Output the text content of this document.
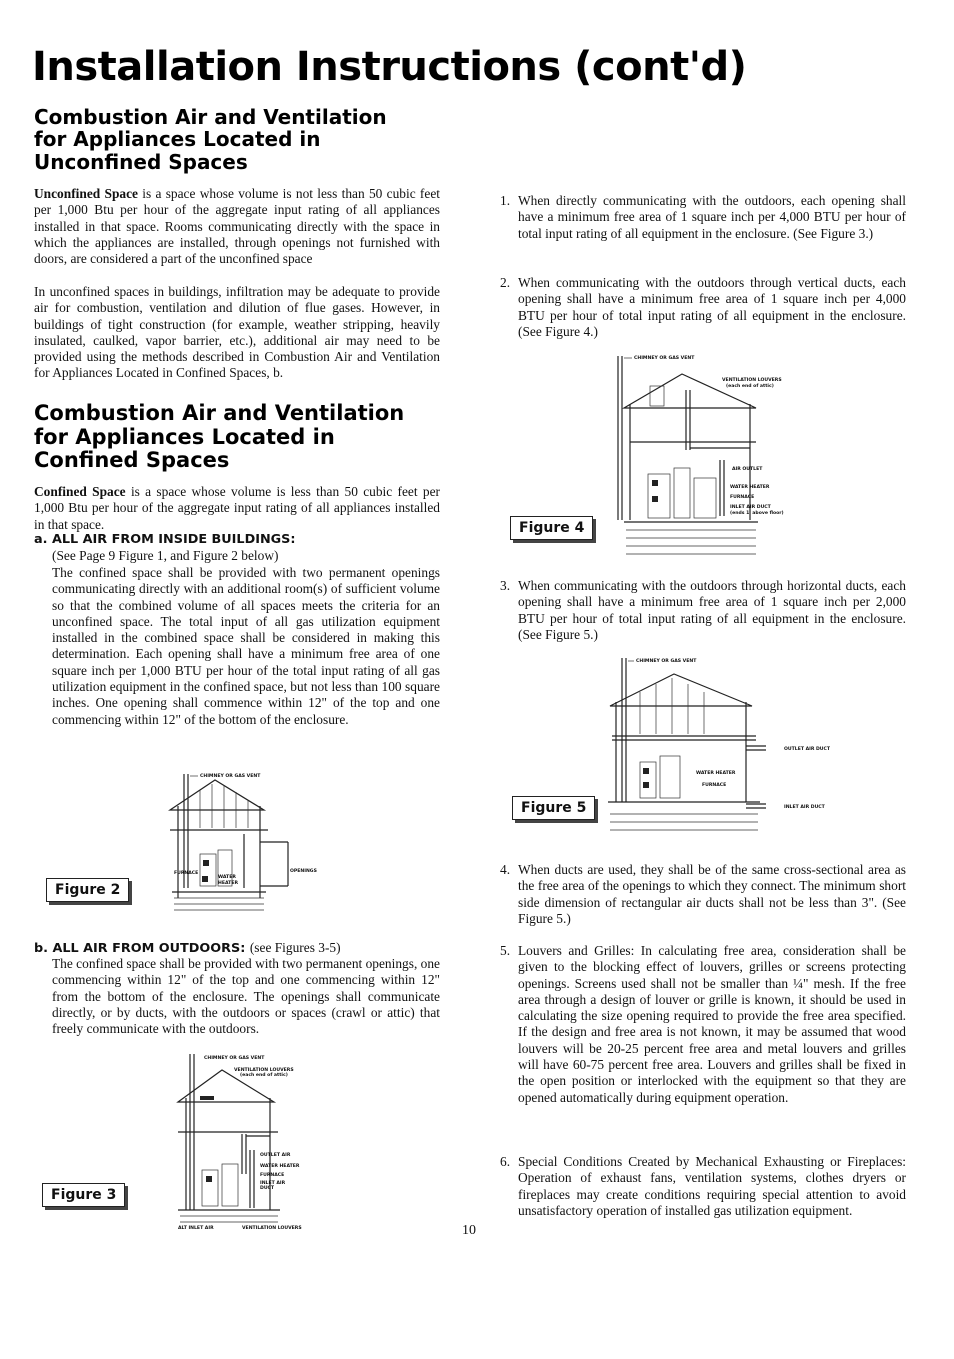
Installation Instructions (cont'd)
Combustion Air and Ventilation
for Appliances Located in
Unconfined Spaces

Unconfined Space is a space whose volume is not less than 50 cubic feet per 1,000 Btu per hour of the aggregate input rating of all appliances installed in that space. Rooms communicating directly with the space in which the appliances are installed, through openings not furnished with doors, are considered a part of the unconfined space

In unconfined spaces in buildings, infiltration may be adequate to provide air for combustion, ventilation and dilution of flue gases. However, in buildings of tight construction (for example, weather stripping, heavily insulated, caulked, vapor barrier, etc.), additional air may need to be provided using the methods described in Combustion Air and Ventilation for Appliances Located in Confined Spaces, b.

Combustion Air and Ventilation
for Appliances Located in
Confined Spaces

Confined Space is a space whose volume is less than 50 cubic feet per 1,000 Btu per hour of the aggregate input rating of all appliances installed in that space.

a. ALL AIR FROM INSIDE BUILDINGS:

(See Page 9 Figure 1, and Figure 2 below)

The confined space shall be provided with two permanent openings communicating directly with an additional room(s) of sufficient volume so that the combined volume of all spaces meets the criteria for an unconfined space. The total input of all gas utilization equipment installed in the combined space shall be considered in making this determination. Each opening shall have a minimum free area of one square inch per 1,000 BTU per hour of the total input rating of all gas utilization equipment in the confined space, but not less than 100 square inches. One opening shall commence within 12" of the top and one commencing within 12" of the bottom of the enclosure.

CHIMNEY OR GAS VENT
FURNACE
WATER
HEATER
OPENINGS
Figure 2

b. ALL AIR FROM OUTDOORS: (see Figures 3-5)

The confined space shall be provided with two permanent openings, one commencing within 12" of the top and one commencing within 12" from the bottom of the enclosure. The openings shall communicate directly, or by ducts, with the outdoors or spaces (crawl or attic) that freely communicate with the outdoors.

CHIMNEY OR GAS VENT
VENTILATION LOUVERS
(each end of attic)
OUTLET AIR
WATER HEATER
FURNACE
INLET AIR
DUCT
ALT INLET AIR	VENTILATION LOUVERS
Figure 3

1. When directly communicating with the outdoors, each opening shall have a minimum free area of 1 square inch per 4,000 BTU per hour of total input rating of all equipment in the enclosure. (See Figure 3.)

2. When communicating with the outdoors through vertical ducts, each opening shall have a minimum free area of 1 square inch per 4,000 BTU per hour of total input rating of all equipment in the enclosure. (See Figure 4.)

CHIMNEY OR GAS VENT
VENTILATION LOUVERS
(each end of attic)
AIR OUTLET
WATER HEATER
FURNACE
INLET AIR DUCT
(ends 1' above floor)
Figure 4

3. When communicating with the outdoors through horizontal ducts, each opening shall have a minimum free area of 1 square inch per 2,000 BTU per hour of total input rating of all equipment in the enclosure. (See Figure 5.)

CHIMNEY OR GAS VENT
OUTLET AIR DUCT
WATER HEATER
FURNACE
INLET AIR DUCT
Figure 5

4. When ducts are used, they shall be of the same cross-sectional area as the free area of the openings to which they connect. The minimum short side dimension of rectangular air ducts shall not be less than 3". (See Figure 5.)

5. Louvers and Grilles: In calculating free area, consideration shall be given to the blocking effect of louvers, grilles or screens protecting openings. Screens used shall not be smaller than ¼" mesh. If the free area through a design of louver or grille is known, it should be used in calculating the size opening required to provide the free area specified. If the design and free area is not known, it may be assumed that wood louvers will be 20-25 percent free area and metal louvers and grilles will have 60-75 percent free area. Louvers and grilles shall be fixed in the open position or interlocked with the equipment so that they are opened automatically during equipment operation.

6. Special Conditions Created by Mechanical Exhausting or Fireplaces: Operation of exhaust fans, ventilation systems, clothes dryers or fireplaces may create conditions requiring special attention to avoid unsatisfactory operation of installed gas utilization equipment.

10
